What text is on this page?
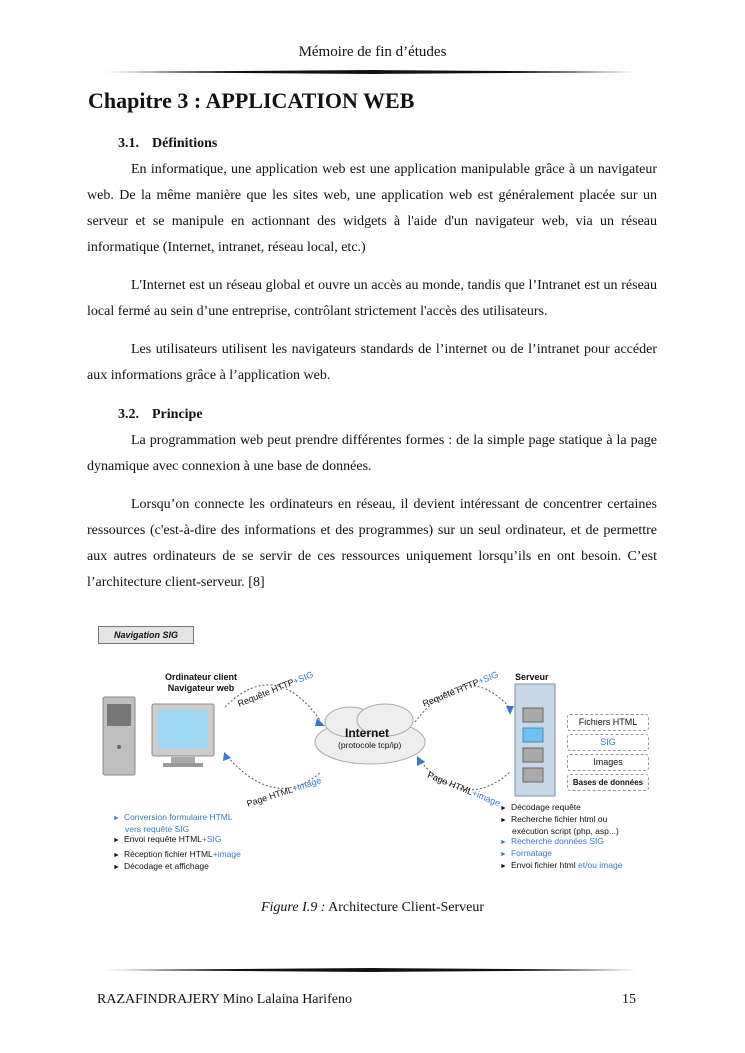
Mémoire de fin d’études
Chapitre 3 : APPLICATION WEB
3.1. Définitions

En informatique, une application web est une application manipulable grâce à un navigateur web. De la même manière que les sites web, une application web est généralement placée sur un serveur et se manipule en actionnant des widgets à l'aide d'un navigateur web, via un réseau informatique (Internet, intranet, réseau local, etc.)

L'Internet est un réseau global et ouvre un accès au monde, tandis que l’Intranet est un réseau local fermé au sein d’une entreprise, contrôlant strictement l'accès des utilisateurs.

Les utilisateurs utilisent les navigateurs standards de l’internet ou de l’intranet pour accéder aux informations grâce à l’application web.

3.2. Principe

La programmation web peut prendre différentes formes : de la simple page statique à la page dynamique avec connexion à une base de données.

Lorsqu’on connecte les ordinateurs en réseau, il devient intéressant de concentrer certaines ressources (c'est-à-dire des informations et des programmes) sur un seul ordinateur, et de permettre aux autres ordinateurs de se servir de ces ressources uniquement lorsqu’ils en ont besoin. C’est l’architecture client-serveur. [8]

Navigation SIG
Ordinateur client
Navigateur web Requête HTTP+SIG
Page HTML+image
Requête HTTP+SIG
Page HTML+image
Internet
(protocole tcp/ip)
Serveur
Fichiers HTML
SIG
Images
Bases de données
► Conversion formulaire HTML
vers requête SIG
► Envoi requête HTML+SIG
► Réception fichier HTML+image
► Décodage et affichage
► Décodage requête
► Recherche fichier html ou
exécution script (php, asp...)
► Recherche données SIG
► Formatage
► Envoi fichier html et/ou image
Figure I.9 : Architecture Client-Serveur
RAZAFINDRAJERY Mino Lalaina Harifeno	15
